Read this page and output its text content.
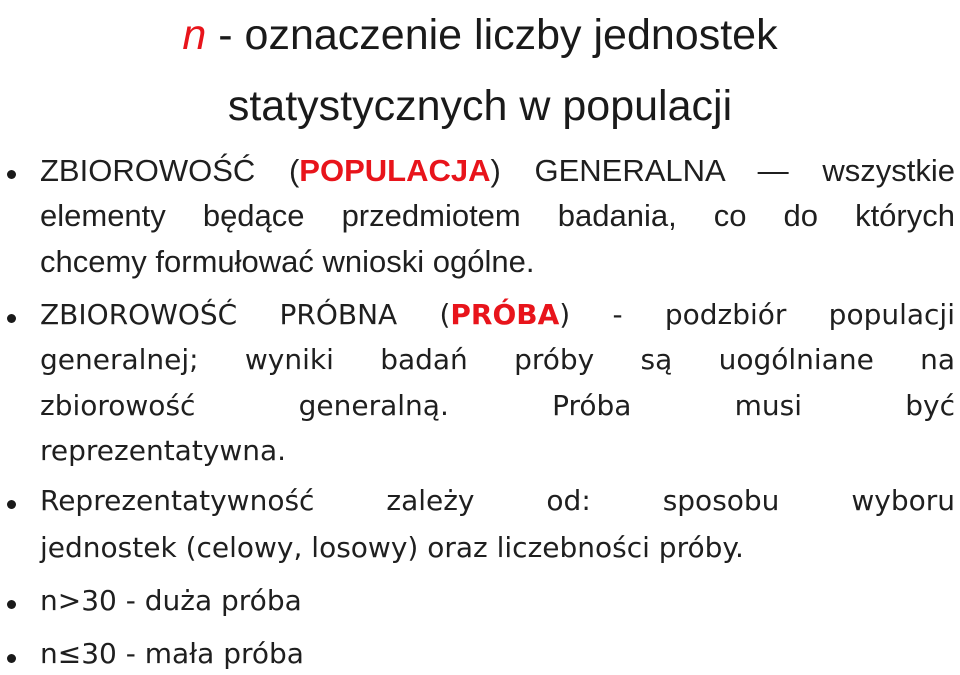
n - oznaczenie liczby jednostek
statystycznych w populacji
ZBIOROWOŚĆ (POPULACJA) GENERALNA — wszystkie
elementy będące przedmiotem badania, co do których
chcemy formułować wnioski ogólne.
ZBIOROWOŚĆ PRÓBNA (PRÓBA) - podzbiór populacji
generalnej; wyniki badań próby są uogólniane na
zbiorowość generalną. Próba musi być
reprezentatywna.
Reprezentatywność zależy od: sposobu wyboru
jednostek (celowy, losowy) oraz liczebności próby.
n>30 - duża próba
n≤30 - mała próba
